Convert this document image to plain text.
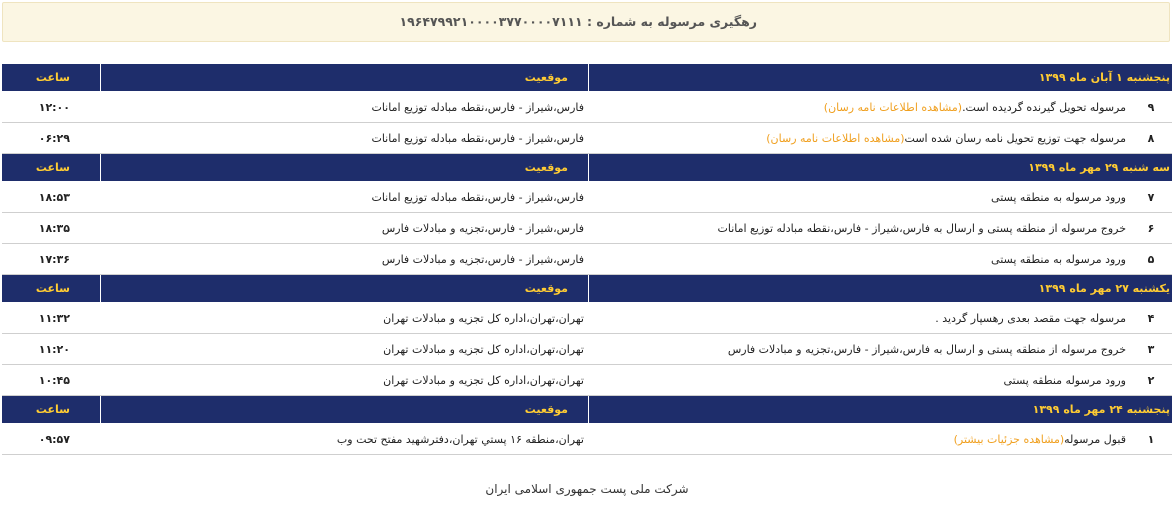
رهگیری مرسوله به شماره : ۱۹۶۴۷۹۹۲۱۰۰۰۰۳۷۷۰۰۰۰۷۱۱۱
پنجشنبه ۱ آبان ماه ۱۳۹۹
موقعیت
ساعت
۹
مرسوله تحویل گیرنده گردیده است.(مشاهده اطلاعات نامه رسان)
فارس،شیراز - فارس،نقطه مبادله توزیع امانات
۱۲:۰۰
۸
مرسوله جهت توزیع تحویل نامه رسان شده است(مشاهده اطلاعات نامه رسان)
فارس،شیراز - فارس،نقطه مبادله توزیع امانات
۰۶:۲۹
سه شنبه ۲۹ مهر ماه ۱۳۹۹
موقعیت
ساعت
۷
ورود مرسوله به منطقه پستی
فارس،شیراز - فارس،نقطه مبادله توزیع امانات
۱۸:۵۳
۶
خروج مرسوله از منطقه پستی و ارسال به فارس،شیراز - فارس،نقطه مبادله توزیع امانات
فارس،شیراز - فارس،تجزیه و مبادلات فارس
۱۸:۳۵
۵
ورود مرسوله به منطقه پستی
فارس،شیراز - فارس،تجزیه و مبادلات فارس
۱۷:۳۶
یکشنبه ۲۷ مهر ماه ۱۳۹۹
موقعیت
ساعت
۴
مرسوله جهت مقصد بعدی رهسپار گردید .
تهران،تهران،اداره کل تجزیه و مبادلات تهران
۱۱:۳۲
۳
خروج مرسوله از منطقه پستی و ارسال به فارس،شیراز - فارس،تجزیه و مبادلات فارس
تهران،تهران،اداره کل تجزیه و مبادلات تهران
۱۱:۲۰
۲
ورود مرسوله منطقه پستی
تهران،تهران،اداره کل تجزیه و مبادلات تهران
۱۰:۴۵
پنجشنبه ۲۴ مهر ماه ۱۳۹۹
موقعیت
ساعت
۱
قبول مرسوله(مشاهده جزئیات بیشتر)
تهران،منطقه ۱۶ پستي تهران،دفترشهيد مفتح تحت وب
۰۹:۵۷
شرکت ملی پست جمهوری اسلامی ایران
